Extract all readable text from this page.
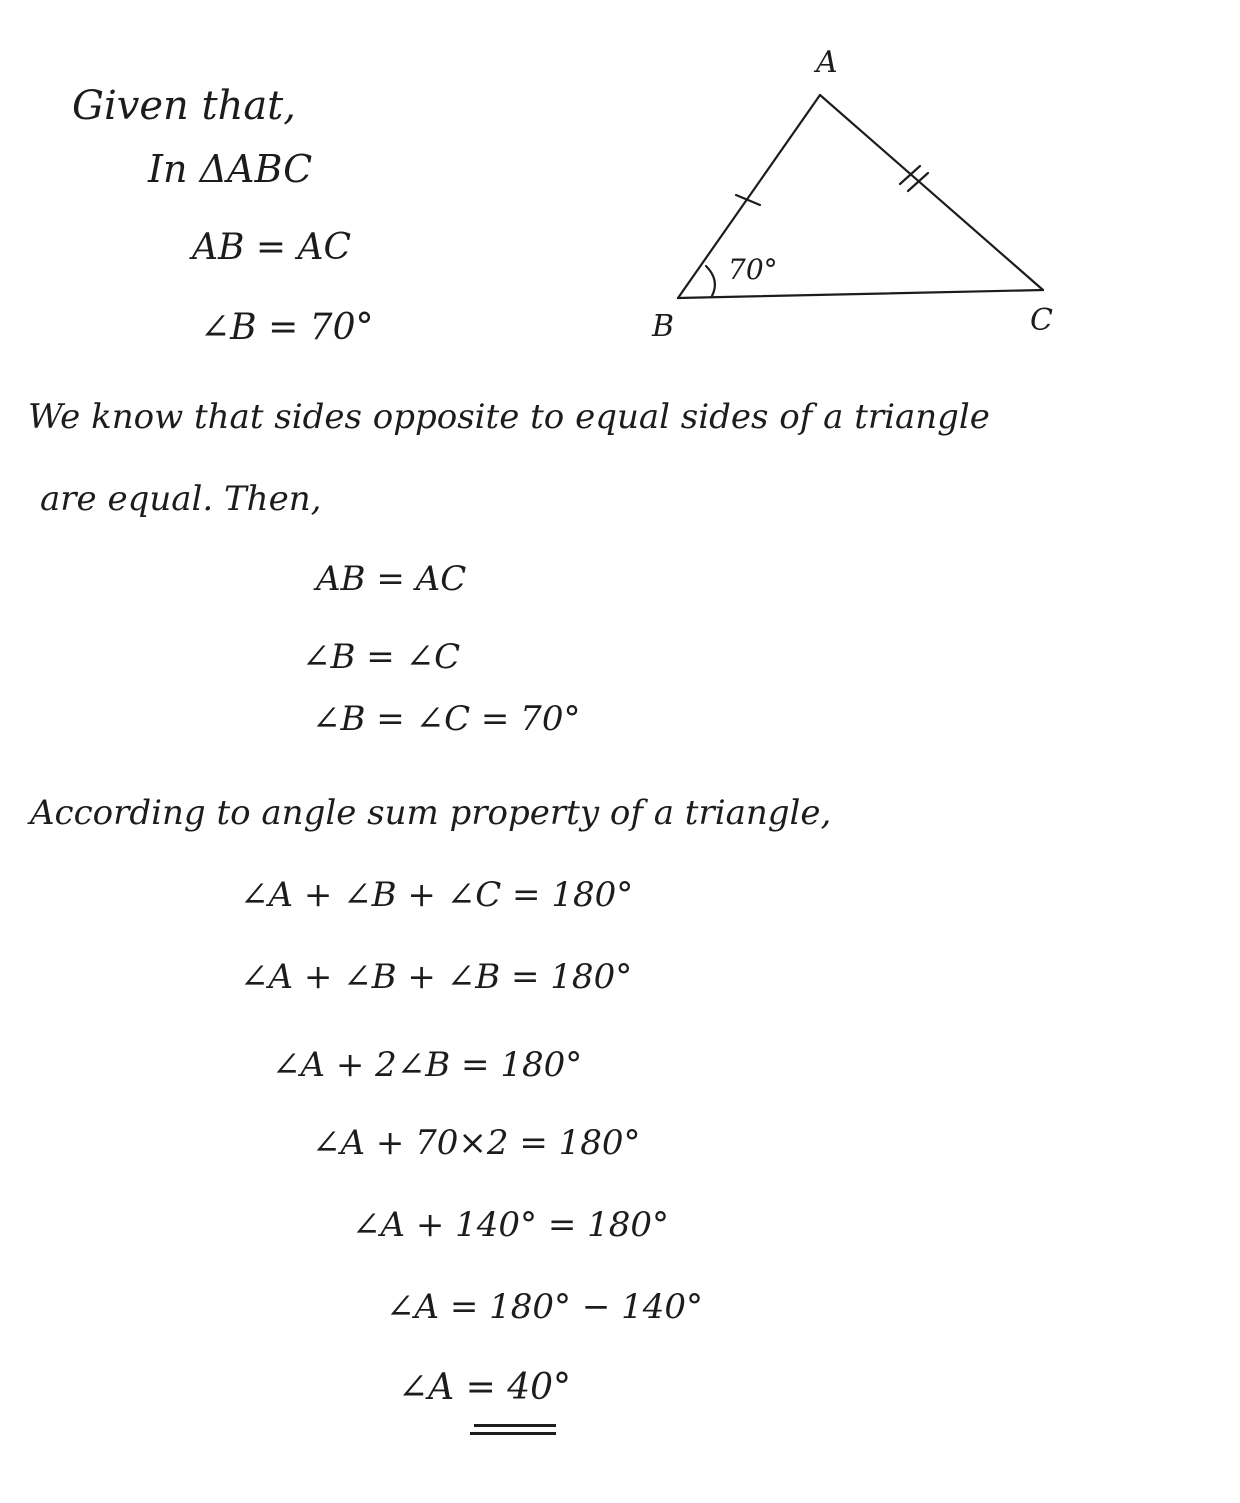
Given that,
In ΔABC
AB = AC
∠B = 70°
A
B	C
70°
We know that sides opposite to equal sides of a triangle
are equal. Then,
AB = AC
∠B = ∠C
∠B = ∠C = 70°
According to angle sum property of a triangle,
∠A + ∠B + ∠C = 180°
∠A + ∠B + ∠B = 180°
∠A + 2∠B = 180°
∠A + 70×2 = 180°
∠A + 140° = 180°
∠A = 180° − 140°
∠A = 40°
